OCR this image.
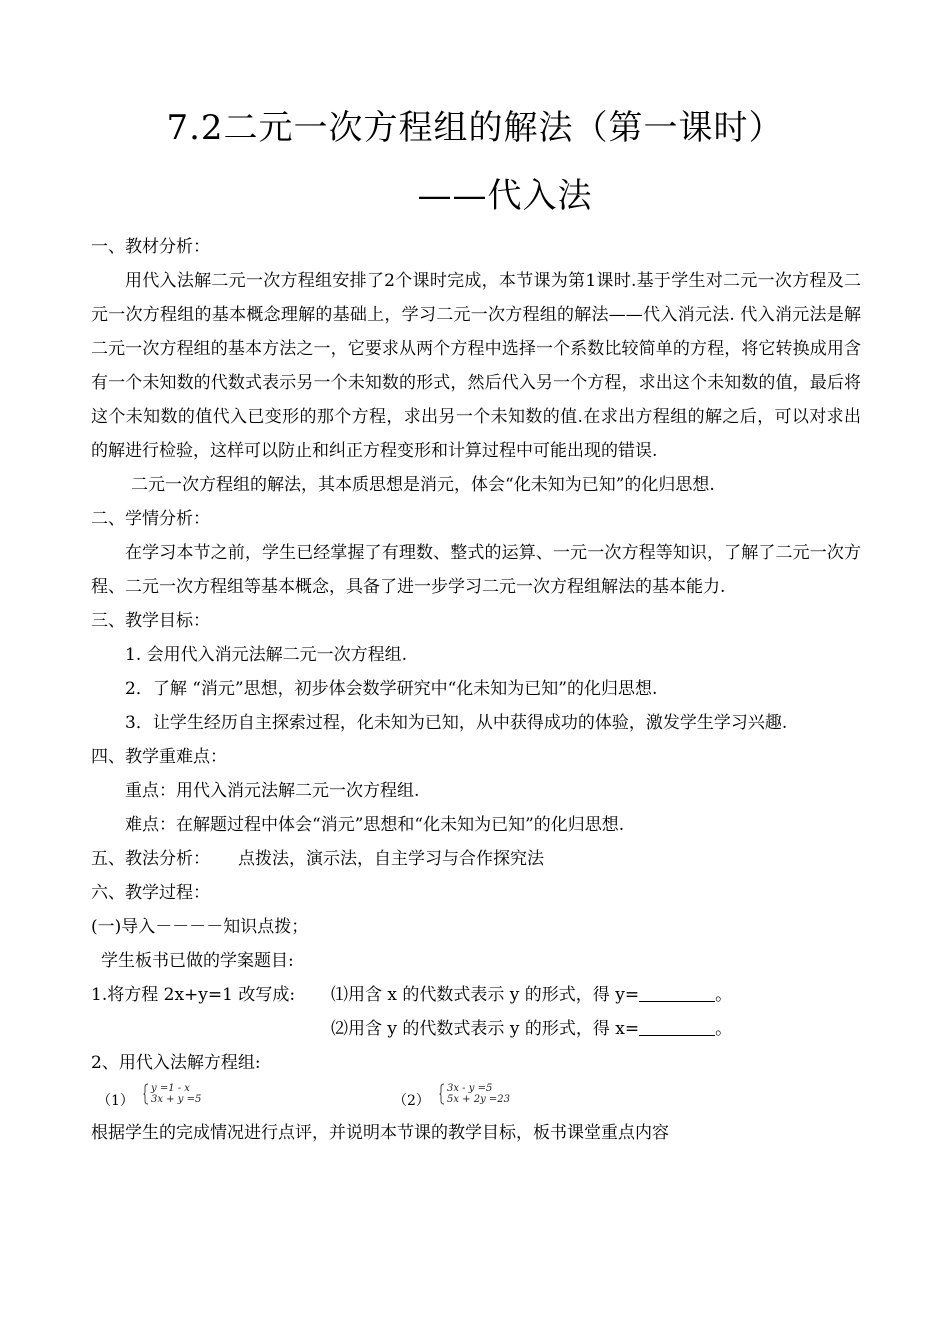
7.2二元一次方程组的解法（第一课时）
——代入法

一、教材分析：

用代入法解二元一次方程组安排了2个课时完成，本节课为第1课时.基于学生对二元一次方程及二元一次方程组的基本概念理解的基础上，学习二元一次方程组的解法——代入消元法. 代入消元法是解二元一次方程组的基本方法之一，它要求从两个方程中选择一个系数比较简单的方程，将它转换成用含有一个未知数的代数式表示另一个未知数的形式，然后代入另一个方程，求出这个未知数的值，最后将这个未知数的值代入已变形的那个方程，求出另一个未知数的值.在求出方程组的解之后，可以对求出的解进行检验，这样可以防止和纠正方程变形和计算过程中可能出现的错误.

二元一次方程组的解法，其本质思想是消元，体会“化未知为已知”的化归思想.

二、学情分析：

在学习本节之前，学生已经掌握了有理数、整式的运算、一元一次方程等知识，了解了二元一次方程、二元一次方程组等基本概念，具备了进一步学习二元一次方程组解法的基本能力.

三、教学目标：

1. 会用代入消元法解二元一次方程组.

2．了解 “消元”思想，初步体会数学研究中“化未知为已知”的化归思想.

3．让学生经历自主探索过程，化未知为已知，从中获得成功的体验，激发学生学习兴趣.

四、教学重难点：

重点：用代入消元法解二元一次方程组.

难点：在解题过程中体会“消元”思想和“化未知为已知”的化归思想.

五、教法分析： 点拨法，演示法，自主学习与合作探究法

六、教学过程：

(一)导入－－－－知识点拨；

学生板书已做的学案题目:

1.将方程 2x+y=1 改写成: ⑴用含 x 的代数式表示 y 的形式，得 y=	。

⑵用含 y 的代数式表示 y 的形式，得 x=	。

2、用代入法解方程组:

（1）
y =1 - x
3x + y =5	（2）
3x - y =5
5x + 2y =23

根据学生的完成情况进行点评，并说明本节课的教学目标，板书课堂重点内容
